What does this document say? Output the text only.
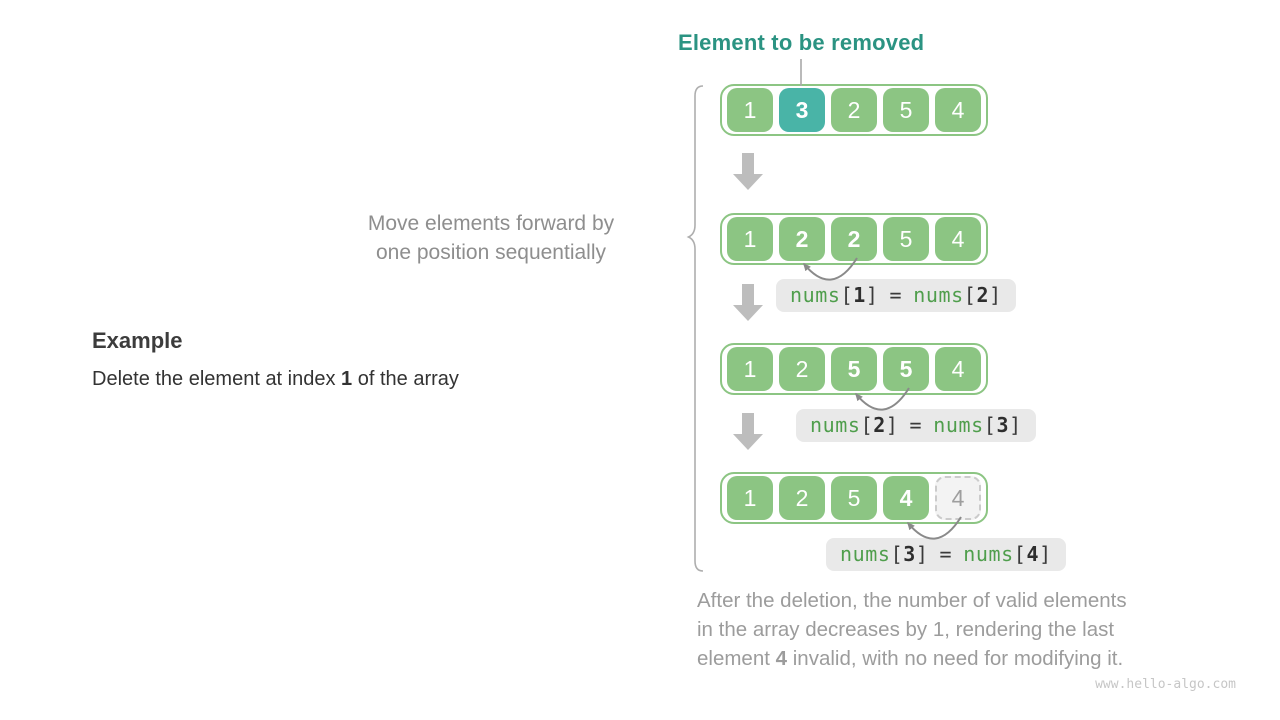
Element to be removed
Move elements forward by
one position sequentially
Example
Delete the element at index 1 of the array
1	3	2	5	4
1	2	2	5	4
nums[1] = nums[2]
1	2	5	5	4
nums[2] = nums[3]
1	2	5	4	4
nums[3] = nums[4]
After the deletion, the number of valid elements
in the array decreases by 1, rendering the last
element 4 invalid, with no need for modifying it.
www.hello-algo.com
